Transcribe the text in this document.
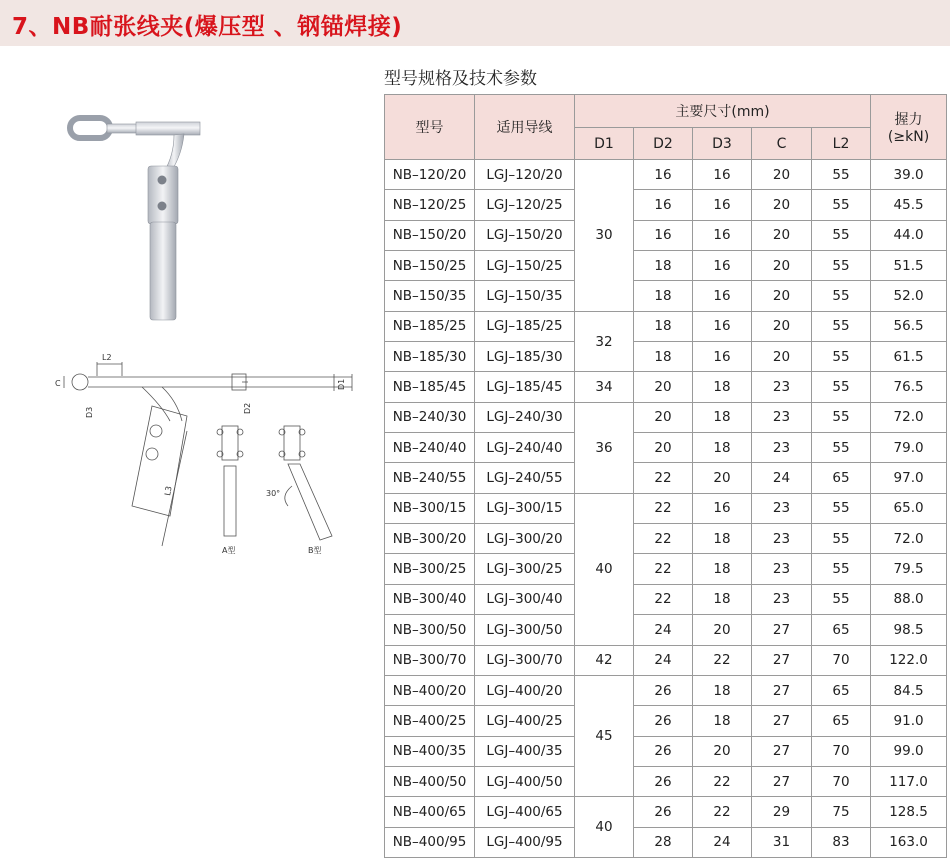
7、NB耐张线夹(爆压型 、钢锚焊接)
型号规格及技术参数
L2
C
D3
D1
D2
L3	30°
A型	B型
型号	适用导线	主要尺寸(mm)					握力
(≥kN)
		D1	D2	D3	C	L2	
NB–120/20	LGJ–120/20	30	16	16	20	55	39.0
NB–120/25	LGJ–120/25		16	16	20	55	45.5
NB–150/20	LGJ–150/20		16	16	20	55	44.0
NB–150/25	LGJ–150/25		18	16	20	55	51.5
NB–150/35	LGJ–150/35		18	16	20	55	52.0
NB–185/25	LGJ–185/25	32	18	16	20	55	56.5
NB–185/30	LGJ–185/30		18	16	20	55	61.5
NB–185/45	LGJ–185/45	34	20	18	23	55	76.5
NB–240/30	LGJ–240/30	36	20	18	23	55	72.0
NB–240/40	LGJ–240/40		20	18	23	55	79.0
NB–240/55	LGJ–240/55		22	20	24	65	97.0
NB–300/15	LGJ–300/15	40	22	16	23	55	65.0
NB–300/20	LGJ–300/20		22	18	23	55	72.0
NB–300/25	LGJ–300/25		22	18	23	55	79.5
NB–300/40	LGJ–300/40		22	18	23	55	88.0
NB–300/50	LGJ–300/50		24	20	27	65	98.5
NB–300/70	LGJ–300/70	42	24	22	27	70	122.0
NB–400/20	LGJ–400/20	45	26	18	27	65	84.5
NB–400/25	LGJ–400/25		26	18	27	65	91.0
NB–400/35	LGJ–400/35		26	20	27	70	99.0
NB–400/50	LGJ–400/50		26	22	27	70	117.0
NB–400/65	LGJ–400/65	40	26	22	29	75	128.5
NB–400/95	LGJ–400/95		28	24	31	83	163.0
